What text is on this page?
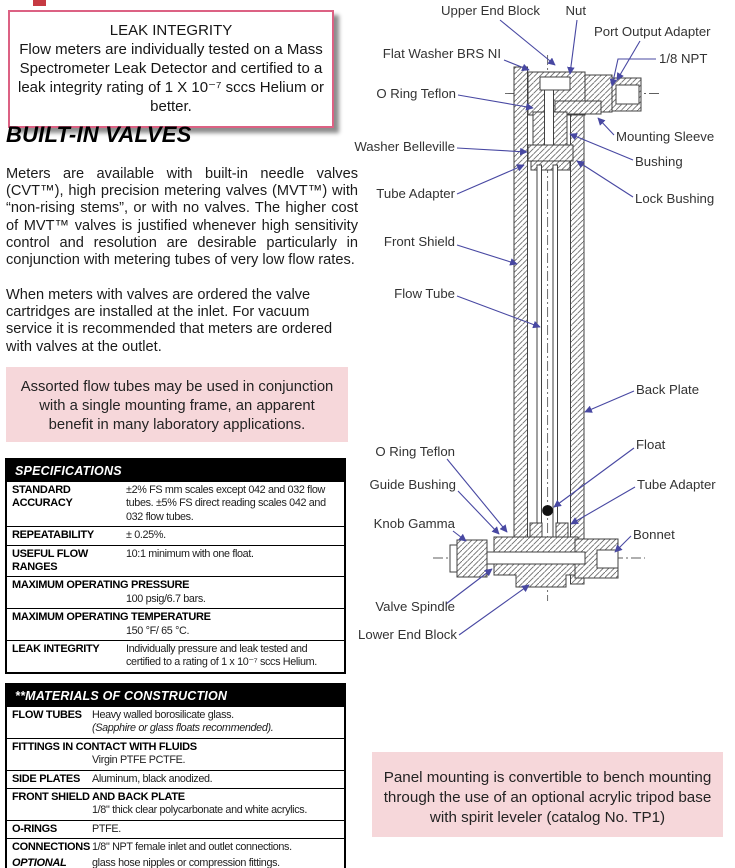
LEAK INTEGRITY
Flow meters are individually tested on a Mass Spectrometer Leak Detector and certified to a leak integrity rating of 1 X 10⁻⁷ sccs Helium or better.
BUILT-IN VALVES

Meters are available with built-in needle valves (CVT™), high precision metering valves (MVT™) with “non-rising stems”, or with no valves. The higher cost of MVT™ valves is justified whenever high sensitivity control and resolution are desirable particularly in conjunction with metering tubes of very low flow rates.

When meters with valves are ordered the valve cartridges are installed at the inlet. For vacuum service it is recommended that meters are ordered with valves at the outlet.

Assorted flow tubes may be used in conjunction with a single mounting frame, an apparent benefit in many laboratory applications.
SPECIFICATIONS
STANDARD ACCURACY
±2% FS mm scales except 042 and 032 flow tubes. ±5% FS direct reading scales 042 and 032 flow tubes.
REPEATABILITY	± 0.25%.
USEFUL FLOW RANGES
10:1 minimum with one float.
MAXIMUM OPERATING PRESSURE
100 psig/6.7 bars.
MAXIMUM OPERATING TEMPERATURE
150 °F/ 65 °C.
LEAK INTEGRITY	Individually pressure and leak tested and certified to a rating of 1 x 10⁻⁷ sccs Helium.
**MATERIALS OF CONSTRUCTION
FLOW TUBES Heavy walled borosilicate glass.
(Sapphire or glass floats recommended).
FITTINGS IN CONTACT WITH FLUIDS
Virgin PTFE PCTFE.
SIDE PLATES	Aluminum, black anodized.
FRONT SHIELD AND BACK PLATE
1/8" thick clear polycarbonate and white acrylics.
O-RINGS	PTFE.
CONNECTIONS 1/8" NPT female inlet and outlet connections.
OPTIONAL	glass hose nipples or compression fittings.
Upper End Block Nut
Port Output Adapter
1/8 NPT
Flat Washer BRS NI
O Ring Teflon
Mounting Sleeve
Washer Belleville
Bushing
Tube Adapter	Lock Bushing
Front Shield
Flow Tube
Back Plate
Float
O Ring Teflon
Guide Bushing	Tube Adapter
Knob Gamma
Bonnet
Valve Spindle
Lower End Block
Panel mounting is convertible to bench mounting through the use of an optional acrylic tripod base with spirit leveler (catalog No. TP1)
